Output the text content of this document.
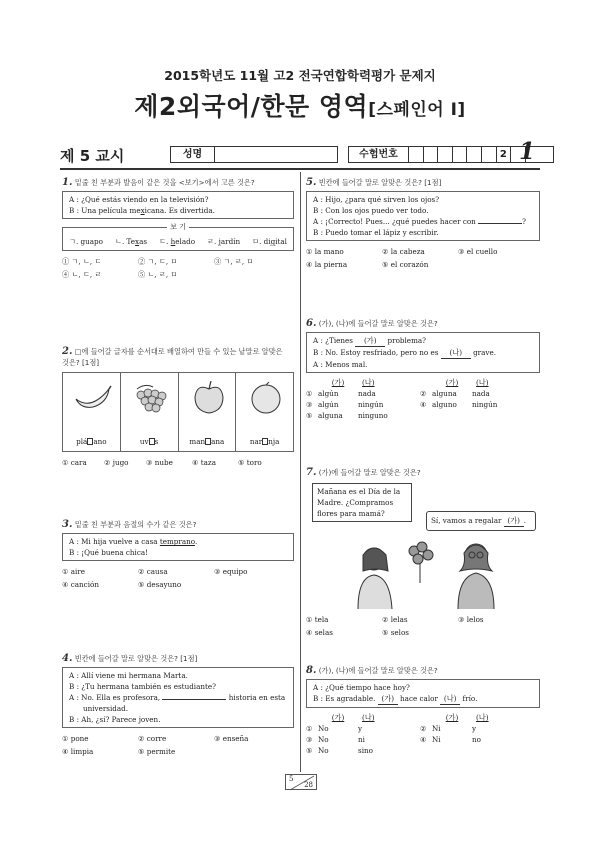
2015학년도 11월 고2 전국연합학력평가 문제지
제2외국어/한문 영역[스페인어 I]
제 5 교시	성명	수험번호	2 1
1. 밑줄 친 부분과 발음이 같은 것을 <보기>에서 고른 것은?
A : ¿Qué estás viendo en la televisión?
B : Una película mexicana. Es divertida.
보 기
ㄱ. guapo ㄴ. Texas ㄷ. helado ㄹ. jardín ㅁ. digital
① ㄱ, ㄴ, ㄷ	② ㄱ, ㄷ, ㅁ	③ ㄱ, ㄹ, ㅁ
④ ㄴ, ㄷ, ㄹ	⑤ ㄴ, ㄹ, ㅁ
2. □에 들어갈 글자를 순서대로 배열하여 만들 수 있는 낱말로 알맞은
것은? [1점]
plá ano	uv s	man ana	nar nja
① cara	② jugo	③ nube	④ taza	⑤ toro
3. 밑줄 친 부분과 음절의 수가 같은 것은?
A : Mi hija vuelve a casa temprano.
B : ¡Qué buena chica!
① aire	② causa	③ equipo
④ canción	⑤ desayuno
4. 빈칸에 들어갈 말로 알맞은 것은? [1점]
A : Allí viene mi hermana Marta.
B : ¿Tu hermana también es estudiante?
A : No. Ella es profesora,	historia en esta
universidad.
B : Ah, ¿sí? Parece joven.
① pone	② corre	③ enseña
④ limpia	⑤ permite
5. 빈칸에 들어갈 말로 알맞은 것은? [1점]
A : Hijo, ¿para qué sirven los ojos?
B : Con los ojos puedo ver todo.
A : ¡Correcto! Pues... ¿qué puedes hacer con	?
B : Puedo tomar el lápiz y escribir.
① la mano	② la cabeza	③ el cuello
④ la pierna	⑤ el corazón
6. (가), (나)에 들어갈 말로 알맞은 것은?
A : ¿Tienes (가) problema?
B : No. Estoy resfriado, pero no es (나) grave.
A : Menos mal.
(가)	(나)	(가)	(나)
① algún	nada	② alguna	nada
③ algún	ningún	④ alguno	ningún
⑤ alguna	ninguno
7. (가)에 들어갈 말로 알맞은 것은?
Mañana es el Día de la Madre. ¿Compramos flores para mamá?
Sí, vamos a regalar (가) .
① tela	② lelas	③ lelos
④ selas	⑤ selos
8. (가), (나)에 들어갈 말로 알맞은 것은?
A : ¿Qué tiempo hace hoy?
B : Es agradable. (가) hace calor (나) frío.
(가)	(나)	(가)	(나)
① No	y	② Ni	y
③ No	ni	④ Ni	no
⑤ No	sino
5
28
